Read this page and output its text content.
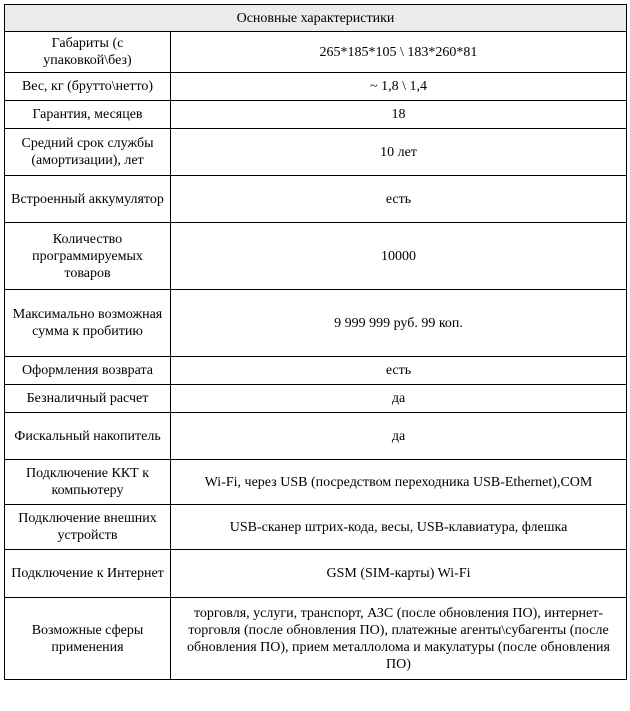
Основные характеристики	
Габариты (с упаковкой\без)	265*185*105 \ 183*260*81
Вес, кг (брутто\нетто)	~ 1,8 \ 1,4
Гарантия, месяцев	18
Средний срок службы (амортизации), лет	10 лет
Встроенный аккумулятор	есть
Количество программируемых товаров	10000
Максимально возможная сумма к пробитию	9 999 999 руб. 99 коп.
Оформления возврата	есть
Безналичный расчет	да
Фискальный накопитель	да
Подключение ККТ к компьютеру	Wi-Fi, через USB (посредством переходника USB-Ethernet),COM
Подключение внешних устройств	USB-сканер штрих-кода, весы, USB-клавиатура, флешка
Подключение к Интернет	GSM (SIM-карты) Wi-Fi
Возможные сферы применения	торговля, услуги, транспорт, АЗС (после обновления ПО), интернет-торговля (после обновления ПО), платежные агенты\субагенты (после обновления ПО), прием металлолома и макулатуры (после обновления ПО)
